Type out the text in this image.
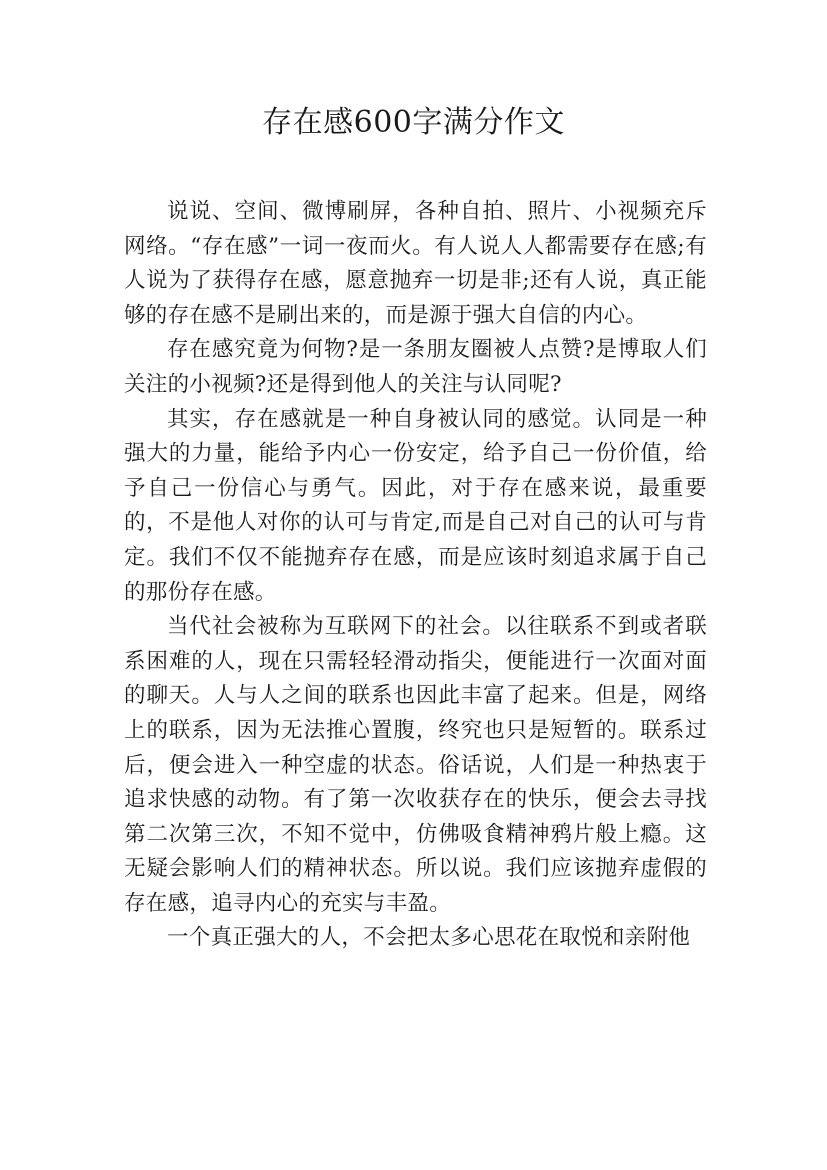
存在感600字满分作文

说说、空间、微博刷屏，各种自拍、照片、小视频充斥网络。“存在感”一词一夜而火。有人说人人都需要存在感;有人说为了获得存在感，愿意抛弃一切是非;还有人说，真正能够的存在感不是刷出来的，而是源于强大自信的内心。

存在感究竟为何物?是一条朋友圈被人点赞?是博取人们关注的小视频?还是得到他人的关注与认同呢?

其实，存在感就是一种自身被认同的感觉。认同是一种强大的力量，能给予内心一份安定，给予自己一份价值，给予自己一份信心与勇气。因此，对于存在感来说，最重要的，不是他人对你的认可与肯定,而是自己对自己的认可与肯定。我们不仅不能抛弃存在感，而是应该时刻追求属于自己的那份存在感。

当代社会被称为互联网下的社会。以往联系不到或者联系困难的人，现在只需轻轻滑动指尖，便能进行一次面对面的聊天。人与人之间的联系也因此丰富了起来。但是，网络上的联系，因为无法推心置腹，终究也只是短暂的。联系过后，便会进入一种空虚的状态。俗话说，人们是一种热衷于追求快感的动物。有了第一次收获存在的快乐，便会去寻找第二次第三次，不知不觉中，仿佛吸食精神鸦片般上瘾。这无疑会影响人们的精神状态。所以说。我们应该抛弃虚假的存在感，追寻内心的充实与丰盈。

一个真正强大的人，不会把太多心思花在取悦和亲附他
